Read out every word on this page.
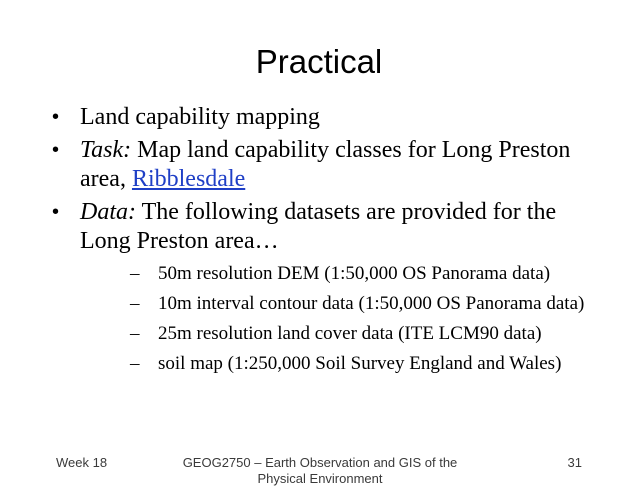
Practical
• Land capability mapping
• Task: Map land capability classes for Long Preston area, Ribblesdale
• Data: The following datasets are provided for the Long Preston area…
– 50m resolution DEM (1:50,000 OS Panorama data)
– 10m interval contour data (1:50,000 OS Panorama data)
– 25m resolution land cover data (ITE LCM90 data)
– soil map (1:250,000 Soil Survey England and Wales)
Week 18	GEOG2750 – Earth Observation and GIS of the Physical Environment
31
